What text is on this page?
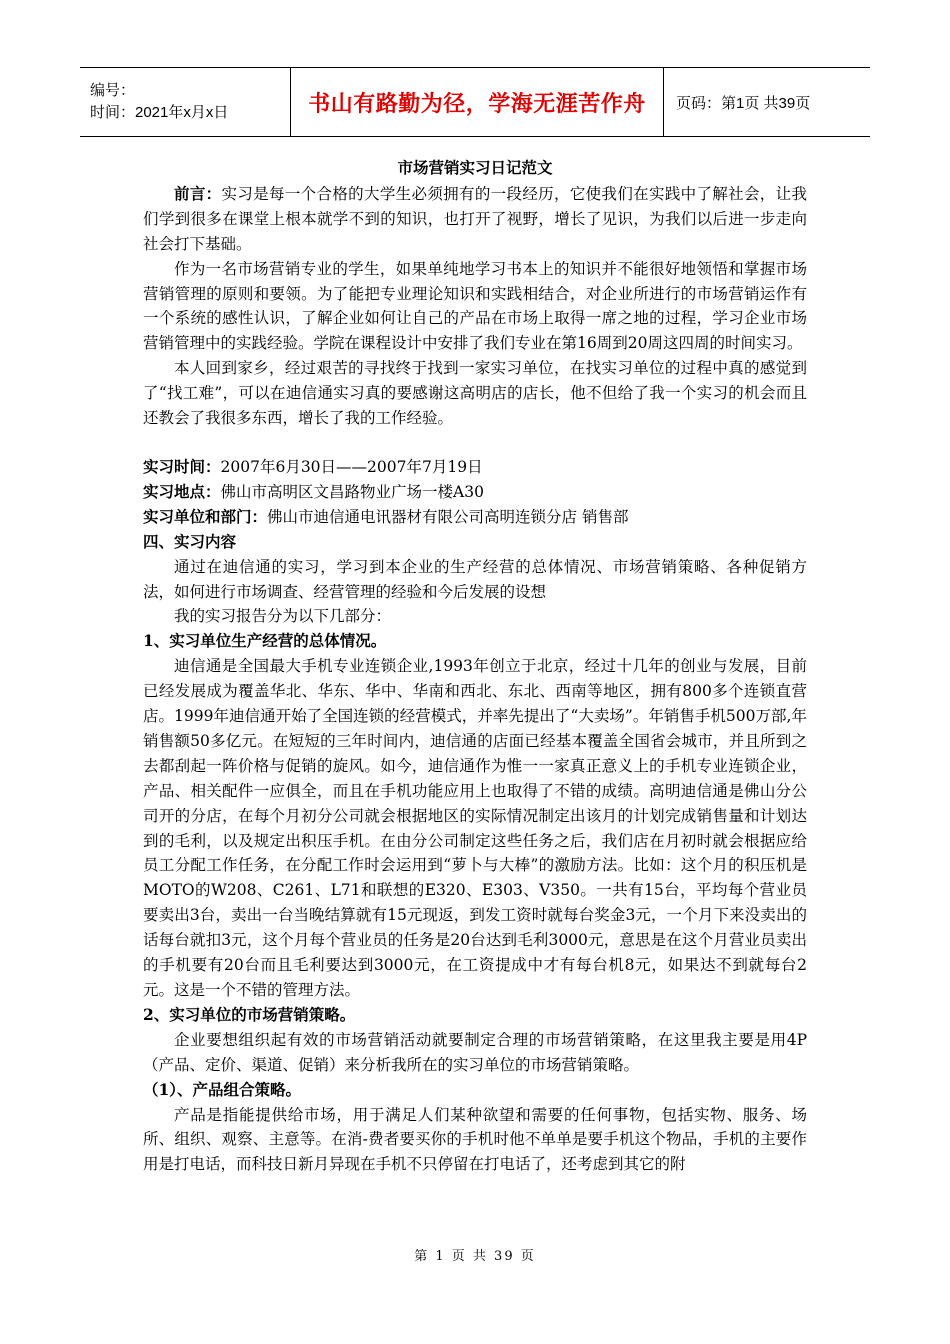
编号：
时间：2021年x月x日	书山有路勤为径，学海无涯苦作舟	页码：第1页 共39页

市场营销实习日记范文

前言：实习是每一个合格的大学生必须拥有的一段经历，它使我们在实践中了解社会，让我们学到很多在课堂上根本就学不到的知识，也打开了视野，增长了见识，为我们以后进一步走向社会打下基础。

作为一名市场营销专业的学生，如果单纯地学习书本上的知识并不能很好地领悟和掌握市场营销管理的原则和要领。为了能把专业理论知识和实践相结合，对企业所进行的市场营销运作有一个系统的感性认识，了解企业如何让自己的产品在市场上取得一席之地的过程，学习企业市场营销管理中的实践经验。学院在课程设计中安排了我们专业在第16周到20周这四周的时间实习。

本人回到家乡，经过艰苦的寻找终于找到一家实习单位，在找实习单位的过程中真的感觉到了“找工难”，可以在迪信通实习真的要感谢这高明店的店长，他不但给了我一个实习的机会而且还教会了我很多东西，增长了我的工作经验。

实习时间：2007年6月30日——2007年7月19日

实习地点：佛山市高明区文昌路物业广场一楼A30

实习单位和部门：佛山市迪信通电讯器材有限公司高明连锁分店 销售部

四、实习内容

通过在迪信通的实习，学习到本企业的生产经营的总体情况、市场营销策略、各种促销方法，如何进行市场调查、经营管理的经验和今后发展的设想

我的实习报告分为以下几部分：

1、实习单位生产经营的总体情况。

迪信通是全国最大手机专业连锁企业,1993年创立于北京，经过十几年的创业与发展，目前已经发展成为覆盖华北、华东、华中、华南和西北、东北、西南等地区，拥有800多个连锁直营店。1999年迪信通开始了全国连锁的经营模式，并率先提出了“大卖场”。年销售手机500万部,年销售额50多亿元。在短短的三年时间内，迪信通的店面已经基本覆盖全国省会城市，并且所到之去都刮起一阵价格与促销的旋风。如今，迪信通作为惟一一家真正意义上的手机专业连锁企业，产品、相关配件一应俱全，而且在手机功能应用上也取得了不错的成绩。高明迪信通是佛山分公司开的分店，在每个月初分公司就会根据地区的实际情况制定出该月的计划完成销售量和计划达到的毛利，以及规定出积压手机。在由分公司制定这些任务之后，我们店在月初时就会根据应给员工分配工作任务，在分配工作时会运用到“萝卜与大棒”的激励方法。比如：这个月的积压机是MOTO的W208、C261、L71和联想的E320、E303、V350。一共有15台，平均每个营业员要卖出3台，卖出一台当晚结算就有15元现返，到发工资时就每台奖金3元，一个月下来没卖出的话每台就扣3元，这个月每个营业员的任务是20台达到毛利3000元，意思是在这个月营业员卖出的手机要有20台而且毛利要达到3000元，在工资提成中才有每台机8元，如果达不到就每台2元。这是一个不错的管理方法。

2、实习单位的市场营销策略。

企业要想组织起有效的市场营销活动就要制定合理的市场营销策略，在这里我主要是用4P（产品、定价、渠道、促销）来分析我所在的实习单位的市场营销策略。

（1）、产品组合策略。

产品是指能提供给市场，用于满足人们某种欲望和需要的任何事物，包括实物、服务、场所、组织、观察、主意等。在消-费者要买你的手机时他不单单是要手机这个物品，手机的主要作用是打电话，而科技日新月异现在手机不只停留在打电话了，还考虑到其它的附

第 1 页 共 39 页
